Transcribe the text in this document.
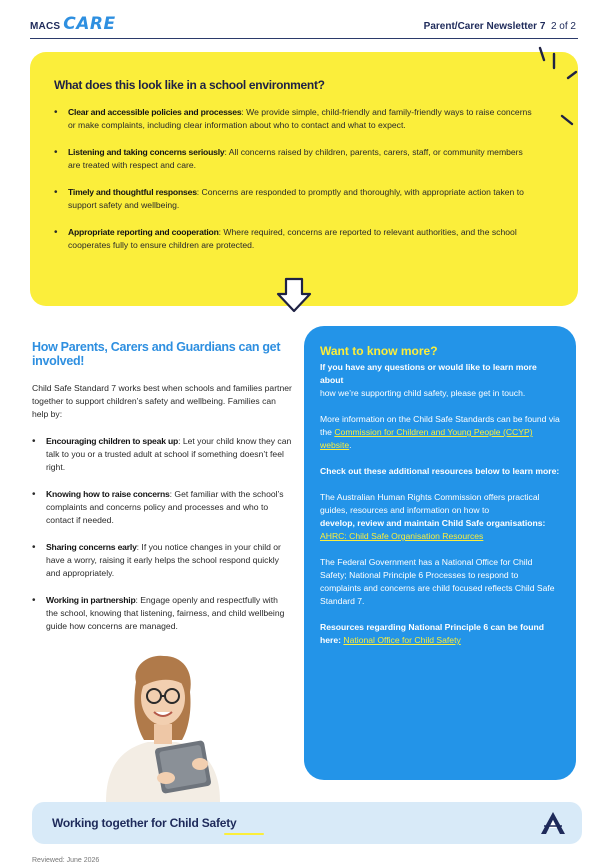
MACS CARE	Parent/Carer Newsletter 7 2 of 2
What does this look like in a school environment?
• Clear and accessible policies and processes: We provide simple, child-friendly and family-friendly ways to raise concerns or make complaints, including clear information about who to contact and what to expect.
• Listening and taking concerns seriously: All concerns raised by children, parents, carers, staff, or community members are treated with respect and care.
• Timely and thoughtful responses: Concerns are responded to promptly and thoroughly, with appropriate action taken to support safety and wellbeing.
• Appropriate reporting and cooperation: Where required, concerns are reported to relevant authorities, and the school cooperates fully to ensure children are protected.
How Parents, Carers and Guardians can get involved!

Child Safe Standard 7 works best when schools and families partner together to support children’s safety and wellbeing. Families can help by:

• Encouraging children to speak up: Let your child know they can talk to you or a trusted adult at school if something doesn’t feel right.
• Knowing how to raise concerns: Get familiar with the school’s complaints and concerns policy and processes and who to contact if needed.
• Sharing concerns early: If you notice changes in your child or have a worry, raising it early helps the school respond quickly and appropriately.
• Working in partnership: Engage openly and respectfully with the school, knowing that listening, fairness, and child wellbeing guide how concerns are managed.
Want to know more?

If you have any questions or would like to learn more about
how we’re supporting child safety, please get in touch.

More information on the Child Safe Standards can be found via the Commission for Children and Young People (CCYP) website.

Check out these additional resources below to learn more:

The Australian Human Rights Commission offers practical guides, resources and information on how to
develop, review and maintain Child Safe organisations:
AHRC: Child Safe Organisation Resources

The Federal Government has a National Office for Child Safety; National Principle 6 Processes to respond to complaints and concerns are child focused reflects Child Safe Standard 7.

Resources regarding National Principle 6 can be found here: National Office for Child Safety

Working together for Child Safety
Reviewed: June 2026
